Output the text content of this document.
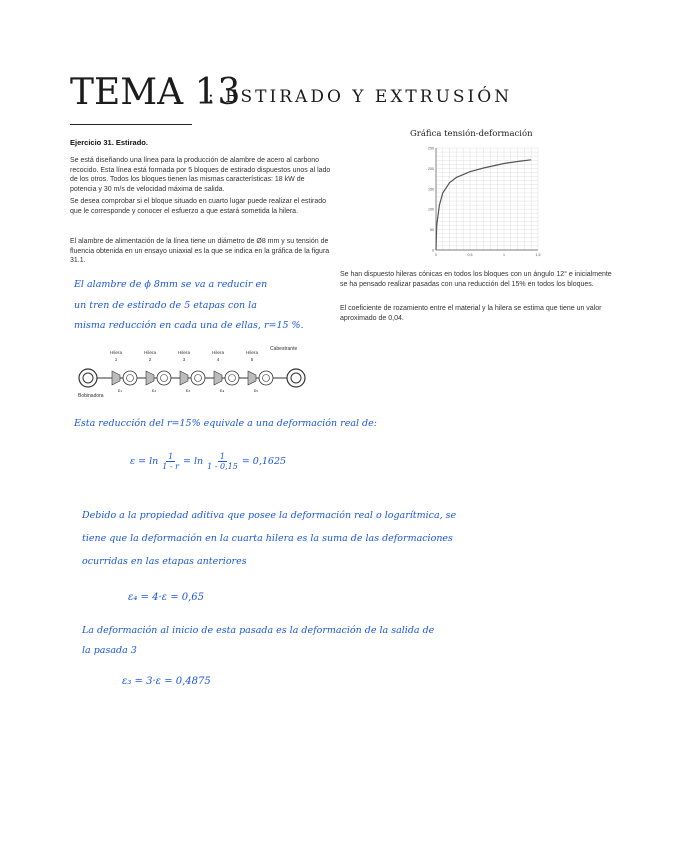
TEMA 13
: ESTIRADO Y EXTRUSIÓN
Ejercicio 31. Estirado.
Se está diseñando una línea para la producción de alambre de acero al carbono recocido. Esta línea está formada por 5 bloques de estirado dispuestos unos al lado de los otros. Todos los bloques tienen las mismas características: 18 kW de potencia y 30 m/s de velocidad máxima de salida.
Se desea comprobar si el bloque situado en cuarto lugar puede realizar el estirado que le corresponde y conocer el esfuerzo a que estará sometida la hilera.
El alambre de alimentación de la línea tiene un diámetro de Ø8 mm y su tensión de fluencia obtenida en un ensayo uniaxial es la que se indica en la gráfica de la figura 31.1.
Se han dispuesto hileras cónicas en todos los bloques con un ángulo 12° e inicialmente se ha pensado realizar pasadas con una reducción del 15% en todos los bloques.
El coeficiente de rozamiento entre el material y la hilera se estima que tiene un valor aproximado de 0,04.
Gráfica tensión-deformación
250
200
150
100
50
0
0	0,5	1	1,5
El alambre de ϕ 8mm se va a reducir en
un tren de estirado de 5 etapas con la
misma reducción en cada una de ellas, r=15 %.
Hilera
1
ε₁
Hilera
2
ε₂
Hilera
3
ε₃
Hilera
4
ε₄
Hilera
5
ε₅
Bobinadora
Cabestrante
Esta reducción del r=15% equivale a una deformación real de:
$\varepsilon = \ln \frac{1}{1 - r} = \ln \frac{1}{1 - 0,15} = 0,1625$
Debido a la propiedad aditiva que posee la deformación real o logarítmica, se
tiene que la deformación en la cuarta hilera es la suma de las deformaciones
ocurridas en las etapas anteriores
ε₄ = 4·ε = 0,65
La deformación al inicio de esta pasada es la deformación de la salida de
la pasada 3
ε₃ = 3·ε = 0,4875
